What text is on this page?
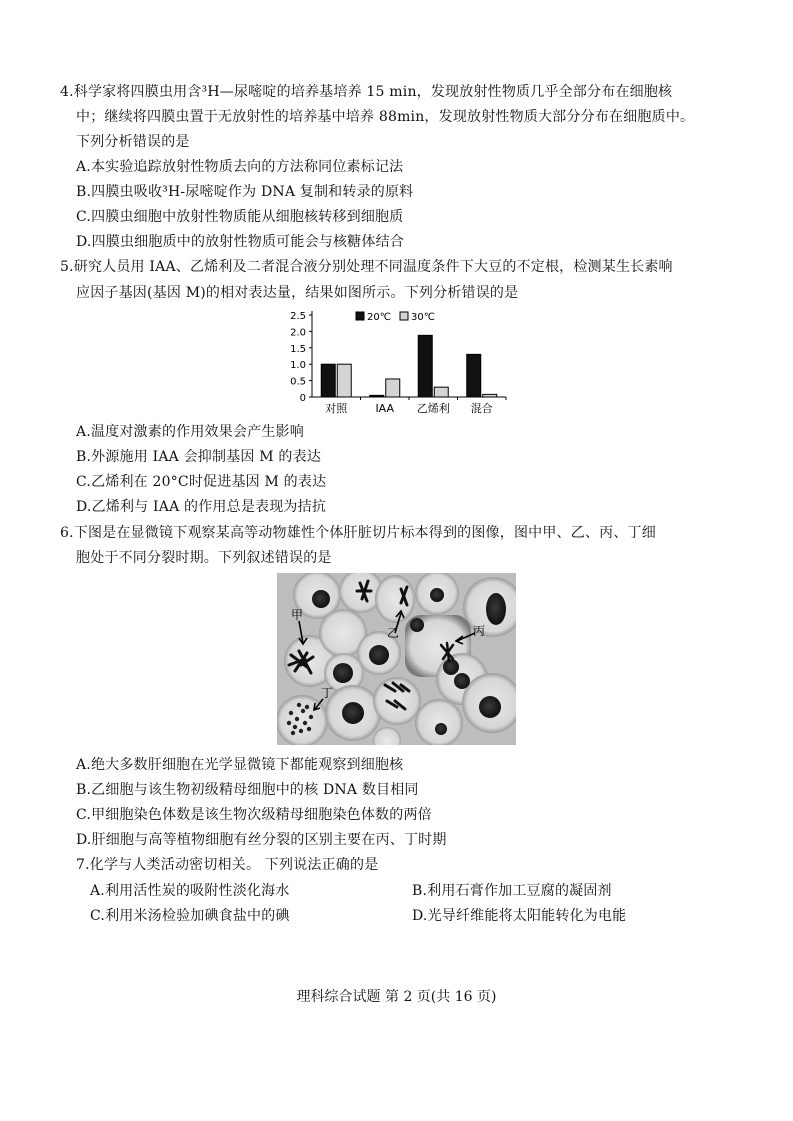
4.科学家将四膜虫用含³H—尿嘧啶的培养基培养 15 min，发现放射性物质几乎全部分布在细胞核
中；继续将四膜虫置于无放射性的培养基中培养 88min，发现放射性物质大部分分布在细胞质中。
下列分析错误的是
A.本实验追踪放射性物质去向的方法称同位素标记法
B.四膜虫吸收³H-尿嘧啶作为 DNA 复制和转录的原料
C.四膜虫细胞中放射性物质能从细胞核转移到细胞质
D.四膜虫细胞质中的放射性物质可能会与核糖体结合
5.研究人员用 IAA、乙烯利及二者混合液分别处理不同温度条件下大豆的不定根，检测某生长素响
应因子基因(基因 M)的相对表达量，结果如图所示。下列分析错误的是
0
0.5
1.0
1.5
2.0
2.5
对照	IAA 乙烯利 混合
20℃ 30℃
A.温度对激素的作用效果会产生影响
B.外源施用 IAA 会抑制基因 M 的表达
C.乙烯利在 20°C时促进基因 M 的表达
D.乙烯利与 IAA 的作用总是表现为拮抗
6.下图是在显微镜下观察某高等动物雄性个体肝脏切片标本得到的图像，图中甲、乙、丙、丁细
胞处于不同分裂时期。下列叙述错误的是
甲
乙	丙
丁
A.绝大多数肝细胞在光学显微镜下都能观察到细胞核
B.乙细胞与该生物初级精母细胞中的核 DNA 数目相同
C.甲细胞染色体数是该生物次级精母细胞染色体数的两倍
D.肝细胞与高等植物细胞有丝分裂的区别主要在丙、丁时期
7.化学与人类活动密切相关。 下列说法正确的是
A.利用活性炭的吸附性淡化海水	B.利用石膏作加工豆腐的凝固剂
C.利用米汤检验加碘食盐中的碘	D.光导纤维能将太阳能转化为电能
理科综合试题 第 2 页(共 16 页)
